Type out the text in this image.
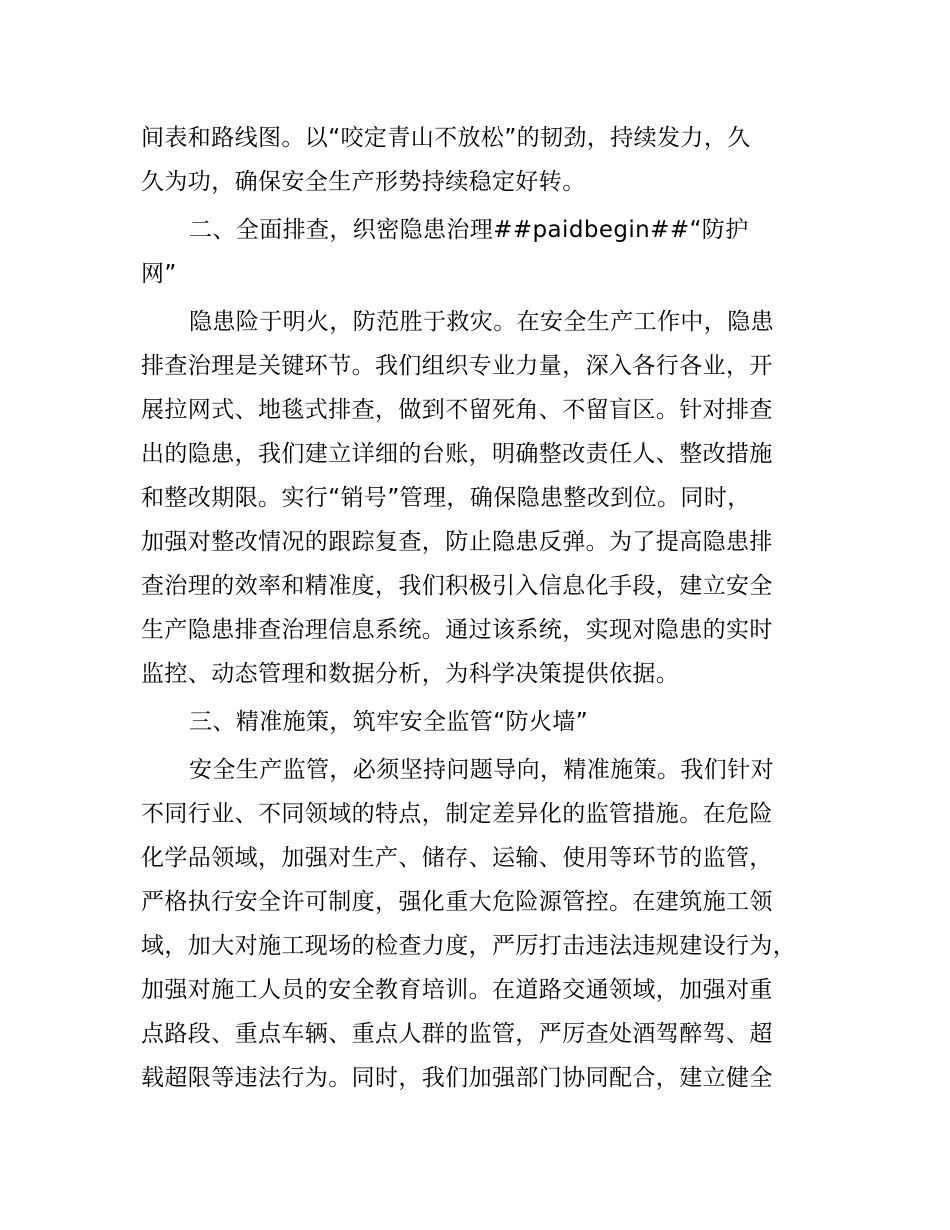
间表和路线图。以“咬定青山不放松”的韧劲，持续发力，久
久为功，确保安全生产形势持续稳定好转。
二、全面排查，织密隐患治理##paidbegin##“防护
网”
隐患险于明火，防范胜于救灾。在安全生产工作中，隐患
排查治理是关键环节。我们组织专业力量，深入各行各业，开
展拉网式、地毯式排查，做到不留死角、不留盲区。针对排查
出的隐患，我们建立详细的台账，明确整改责任人、整改措施
和整改期限。实行“销号”管理，确保隐患整改到位。同时，
加强对整改情况的跟踪复查，防止隐患反弹。为了提高隐患排
查治理的效率和精准度，我们积极引入信息化手段，建立安全
生产隐患排查治理信息系统。通过该系统，实现对隐患的实时
监控、动态管理和数据分析，为科学决策提供依据。
三、精准施策，筑牢安全监管“防火墙”
安全生产监管，必须坚持问题导向，精准施策。我们针对
不同行业、不同领域的特点，制定差异化的监管措施。在危险
化学品领域，加强对生产、储存、运输、使用等环节的监管，
严格执行安全许可制度，强化重大危险源管控。在建筑施工领
域，加大对施工现场的检查力度，严厉打击违法违规建设行为，
加强对施工人员的安全教育培训。在道路交通领域，加强对重
点路段、重点车辆、重点人群的监管，严厉查处酒驾醉驾、超
载超限等违法行为。同时，我们加强部门协同配合，建立健全
